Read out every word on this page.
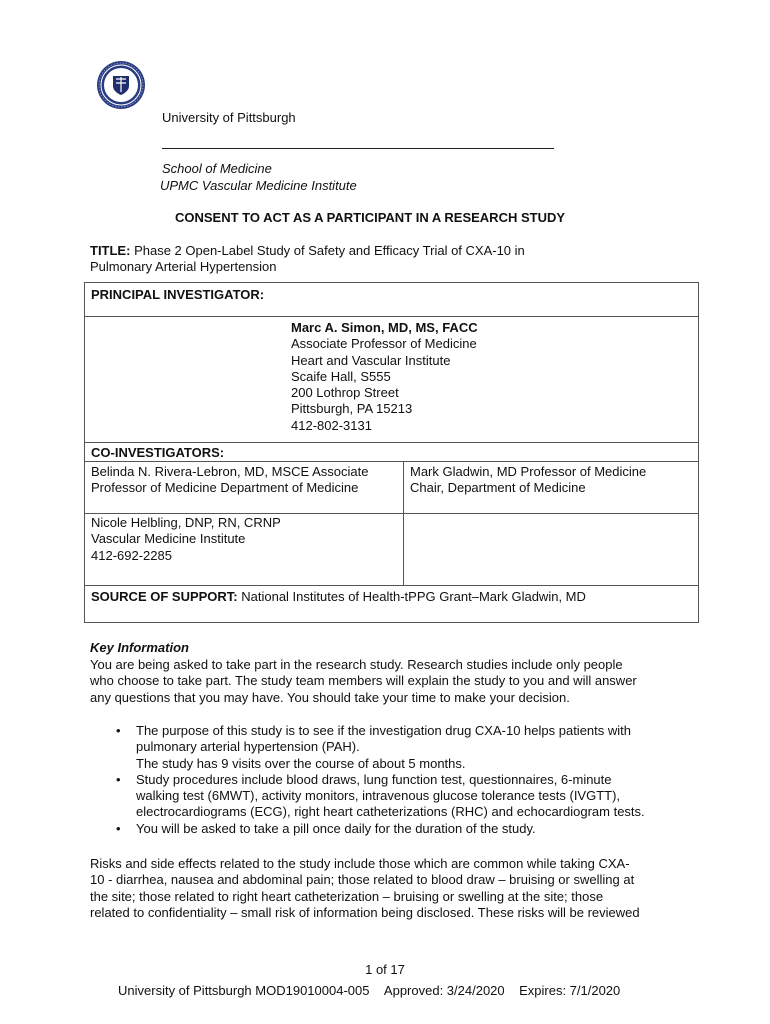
University of Pittsburgh
School of Medicine
UPMC Vascular Medicine Institute
CONSENT TO ACT AS A PARTICIPANT IN A RESEARCH STUDY
TITLE: Phase 2 Open-Label Study of Safety and Efficacy Trial of CXA-10 in
Pulmonary Arterial Hypertension
PRINCIPAL INVESTIGATOR:
Marc A. Simon, MD, MS, FACC
Associate Professor of Medicine
Heart and Vascular Institute
Scaife Hall, S555
200 Lothrop Street
Pittsburgh, PA 15213
412-802-3131
CO-INVESTIGATORS:
Belinda N. Rivera-Lebron, MD, MSCE Associate
Professor of Medicine Department of Medicine
Mark Gladwin, MD Professor of Medicine
Chair, Department of Medicine
Nicole Helbling, DNP, RN, CRNP
Vascular Medicine Institute
412-692-2285
SOURCE OF SUPPORT: National Institutes of Health-tPPG Grant–Mark Gladwin, MD
Key Information
You are being asked to take part in the research study. Research studies include only people
who choose to take part. The study team members will explain the study to you and will answer
any questions that you may have. You should take your time to make your decision.
• The purpose of this study is to see if the investigation drug CXA-10 helps patients with
pulmonary arterial hypertension (PAH).
The study has 9 visits over the course of about 5 months.
• Study procedures include blood draws, lung function test, questionnaires, 6-minute
walking test (6MWT), activity monitors, intravenous glucose tolerance tests (IVGTT),
electrocardiograms (ECG), right heart catheterizations (RHC) and echocardiogram tests.
• You will be asked to take a pill once daily for the duration of the study.
Risks and side effects related to the study include those which are common while taking CXA-
10 - diarrhea, nausea and abdominal pain; those related to blood draw – bruising or swelling at
the site; those related to right heart catheterization – bruising or swelling at the site; those
related to confidentiality – small risk of information being disclosed. These risks will be reviewed
1 of 17
University of Pittsburgh MOD19010004-005 Approved: 3/24/2020 Expires: 7/1/2020
